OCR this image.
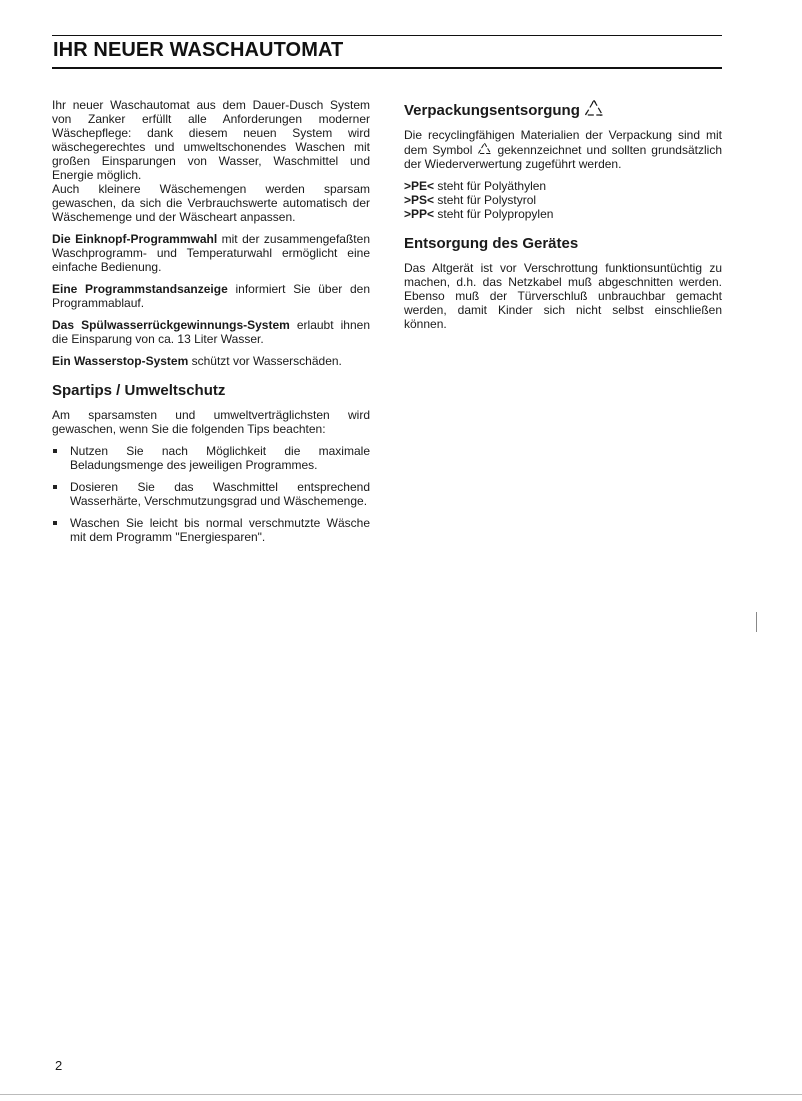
IHR NEUER WASCHAUTOMAT

Ihr neuer Waschautomat aus dem Dauer-Dusch System von Zanker erfüllt alle Anforderungen moderner Wäschepflege: dank diesem neuen System wird wäschegerechtes und umweltschonendes Waschen mit großen Einsparungen von Wasser, Waschmittel und Energie möglich.

Auch kleinere Wäschemengen werden sparsam gewaschen, da sich die Verbrauchswerte automatisch der Wäschemenge und der Wäscheart anpassen.

Die Einknopf-Programmwahl mit der zusammengefaßten Waschprogramm- und Temperaturwahl ermöglicht eine einfache Bedienung.

Eine Programmstandsanzeige informiert Sie über den Programmablauf.

Das Spülwasserrückgewinnungs-System erlaubt ihnen die Einsparung von ca. 13 Liter Wasser.

Ein Wasserstop-System schützt vor Wasserschäden.

Spartips / Umweltschutz

Am sparsamsten und umweltverträglichsten wird gewaschen, wenn Sie die folgenden Tips beachten:

Nutzen Sie nach Möglichkeit die maximale Beladungsmenge des jeweiligen Programmes.
Dosieren Sie das Waschmittel entsprechend Wasserhärte, Verschmutzungsgrad und Wäschemenge.
Waschen Sie leicht bis normal verschmutzte Wäsche mit dem Programm "Energiesparen".
Verpackungsentsorgung

Die recyclingfähigen Materialien der Verpackung sind mit dem Symbol gekennzeichnet und sollten grundsätzlich der Wiederverwertung zugeführt werden.

>PE< steht für Polyäthylen

>PS< steht für Polystyrol

>PP< steht für Polypropylen

Entsorgung des Gerätes

Das Altgerät ist vor Verschrottung funktionsuntüchtig zu machen, d.h. das Netzkabel muß abgeschnitten werden. Ebenso muß der Türverschluß unbrauchbar gemacht werden, damit Kinder sich nicht selbst einschließen können.

2
